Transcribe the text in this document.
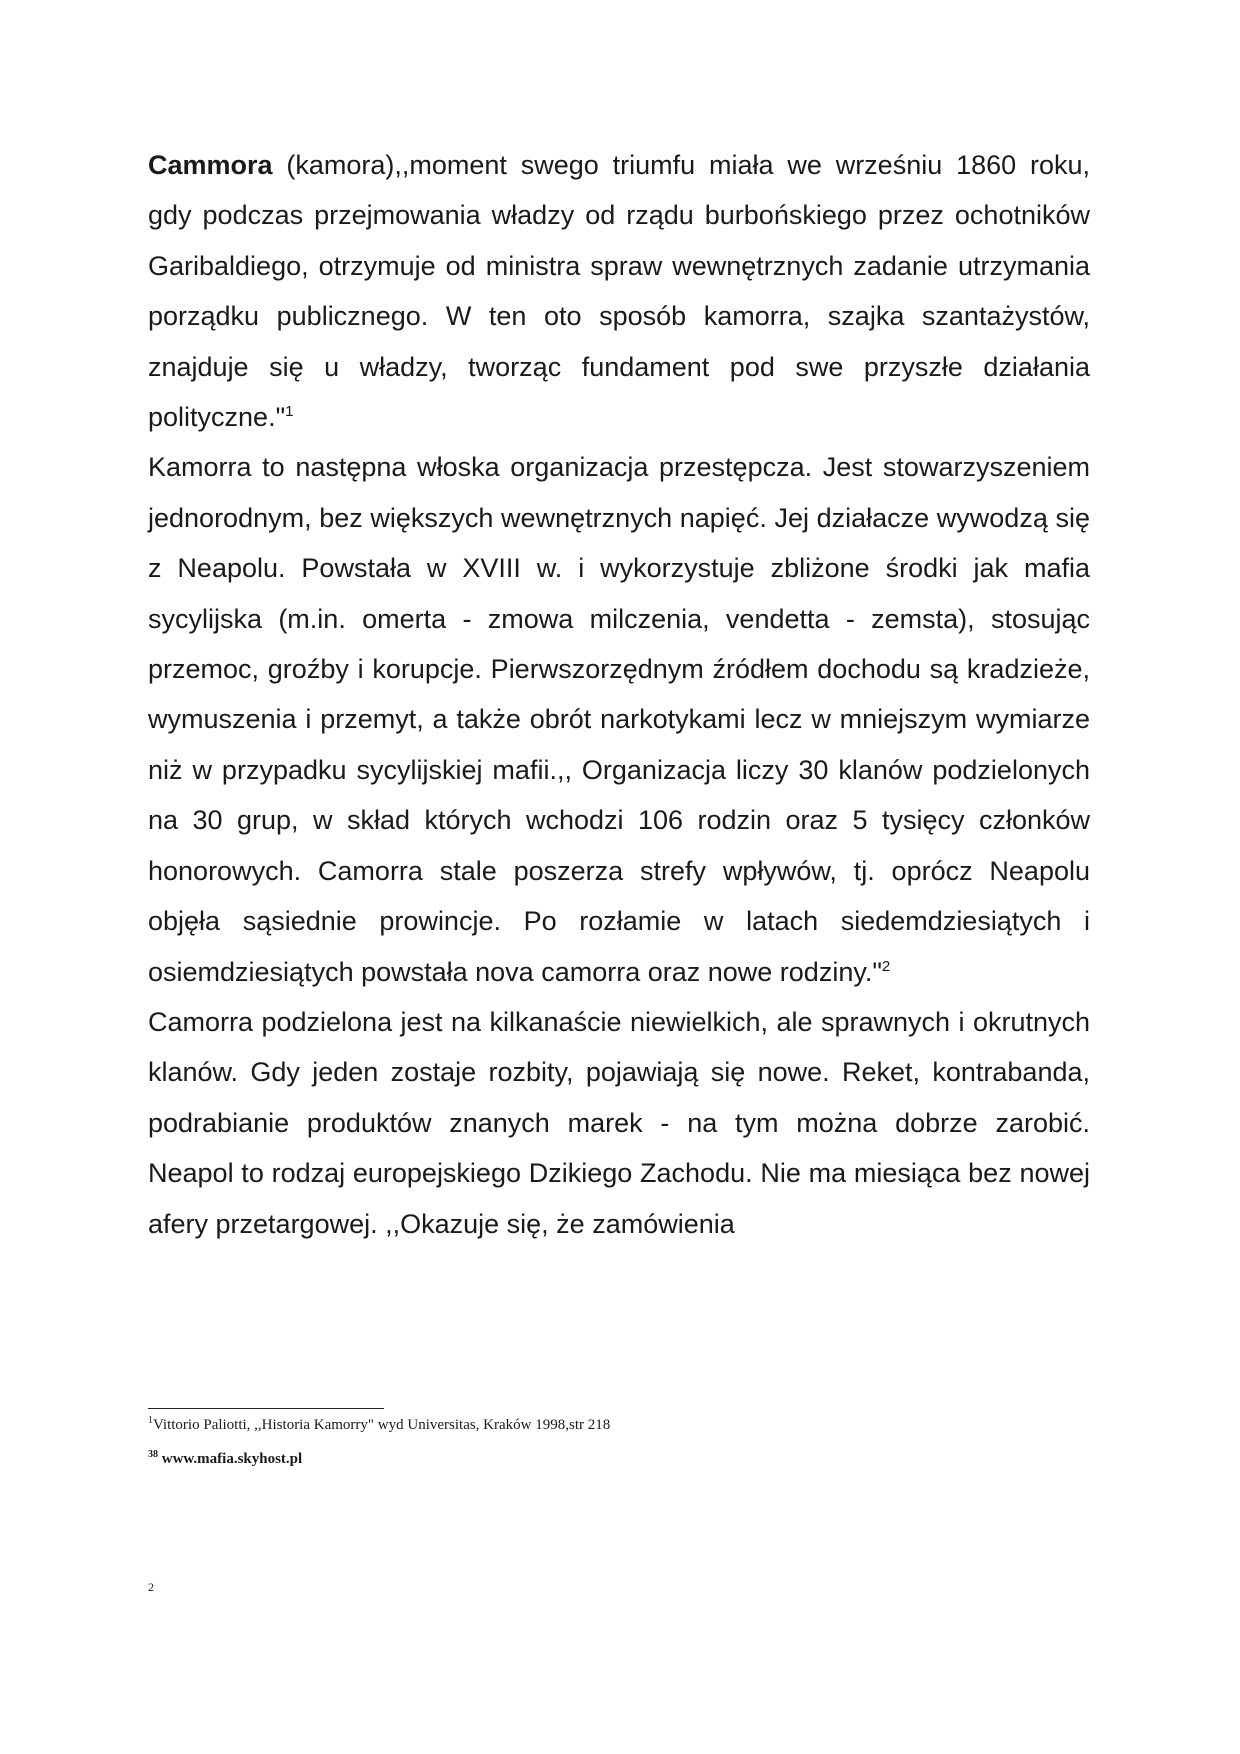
Cammora (kamora),,moment swego triumfu miała we wrześniu 1860 roku, gdy podczas przejmowania władzy od rządu burbońskiego przez ochotników Garibaldiego, otrzymuje od ministra spraw wewnętrznych zadanie utrzymania porządku publicznego. W ten oto sposób kamorra, szajka szantażystów, znajduje się u władzy, tworząc fundament pod swe przyszłe działania polityczne."$^1$

Kamorra to następna włoska organizacja przestępcza. Jest stowarzyszeniem jednorodnym, bez większych wewnętrznych napięć. Jej działacze wywodzą się z Neapolu. Powstała w XVIII w. i wykorzystuje zbliżone środki jak mafia sycylijska (m.in. omerta - zmowa milczenia, vendetta - zemsta), stosując przemoc, groźby i korupcje. Pierwszorzędnym źródłem dochodu są kradzieże, wymuszenia i przemyt, a także obrót narkotykami lecz w mniejszym wymiarze niż w przypadku sycylijskiej mafii.,, Organizacja liczy 30 klanów podzielonych na 30 grup, w skład których wchodzi 106 rodzin oraz 5 tysięcy członków honorowych. Camorra stale poszerza strefy wpływów, tj. oprócz Neapolu objęła sąsiednie prowincje. Po rozłamie w latach siedemdziesiątych i osiemdziesiątych powstała nova camorra oraz nowe rodziny."$^2$

Camorra podzielona jest na kilkanaście niewielkich, ale sprawnych i okrutnych klanów. Gdy jeden zostaje rozbity, pojawiają się nowe. Reket, kontrabanda, podrabianie produktów znanych marek - na tym można dobrze zarobić. Neapol to rodzaj europejskiego Dzikiego Zachodu. Nie ma miesiąca bez nowej afery przetargowej. ,,Okazuje się, że zamówienia

$^1$Vittorio Paliotti, ,,Historia Kamorry" wyd Universitas, Kraków 1998,str 218

$^{38}$ www.mafia.skyhost.pl

2
